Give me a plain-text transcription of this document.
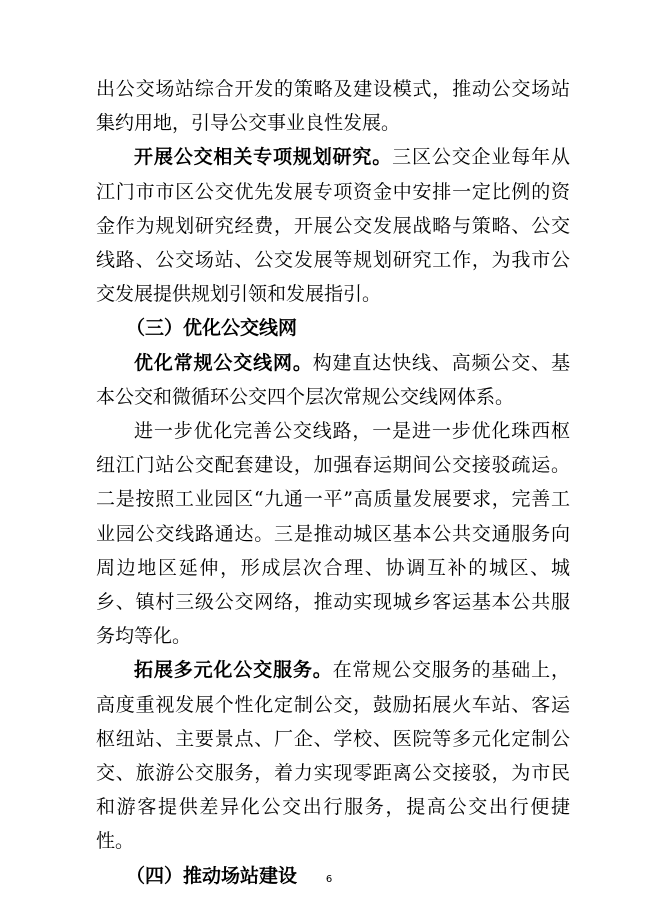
出公交场站综合开发的策略及建设模式，推动公交场站集约用地，引导公交事业良性发展。

开展公交相关专项规划研究。三区公交企业每年从江门市市区公交优先发展专项资金中安排一定比例的资金作为规划研究经费，开展公交发展战略与策略、公交线路、公交场站、公交发展等规划研究工作，为我市公交发展提供规划引领和发展指引。

（三）优化公交线网

优化常规公交线网。构建直达快线、高频公交、基本公交和微循环公交四个层次常规公交线网体系。

进一步优化完善公交线路，一是进一步优化珠西枢纽江门站公交配套建设，加强春运期间公交接驳疏运。二是按照工业园区“九通一平”高质量发展要求，完善工业园公交线路通达。三是推动城区基本公共交通服务向周边地区延伸，形成层次合理、协调互补的城区、城乡、镇村三级公交网络，推动实现城乡客运基本公共服务均等化。

拓展多元化公交服务。在常规公交服务的基础上，高度重视发展个性化定制公交，鼓励拓展火车站、客运枢纽站、主要景点、厂企、学校、医院等多元化定制公交、旅游公交服务，着力实现零距离公交接驳，为市民和游客提供差异化公交出行服务，提高公交出行便捷性。

（四）推动场站建设	6
